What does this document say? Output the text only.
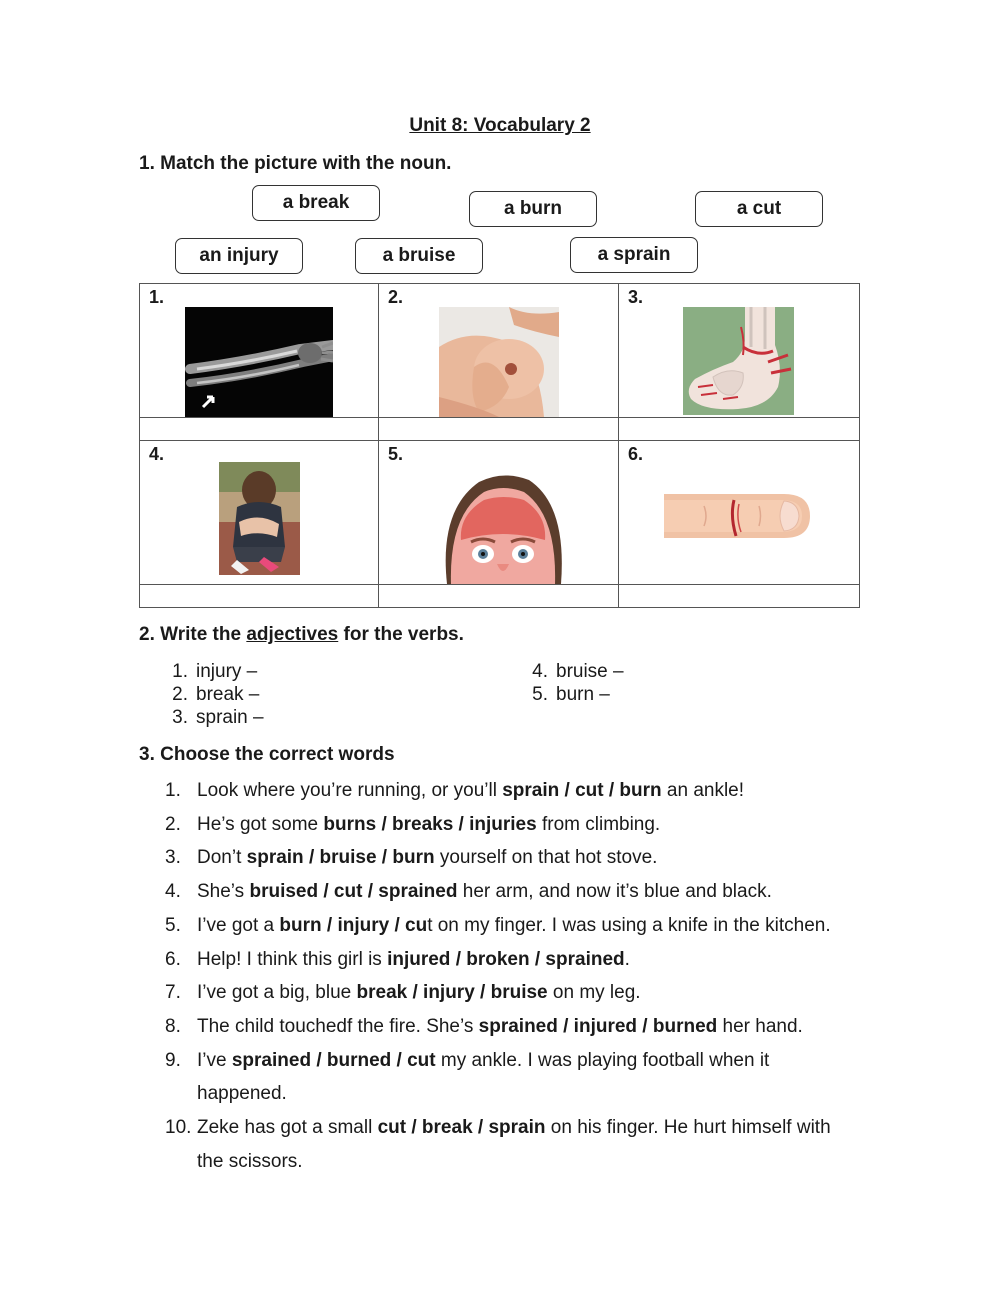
Unit 8: Vocabulary 2
1. Match the picture with the noun.
a break	a burn	a cut
an injury	a bruise	a sprain
1.	2.	3.

4.	5.	6.

2. Write the adjectives for the verbs.
1. injury –
2. break –
3. sprain –
4. bruise –
5. burn –
3. Choose the correct words
1. Look where you’re running, or you’ll sprain / cut / burn an ankle!
2. He’s got some burns / breaks / injuries from climbing.
3. Don’t sprain / bruise / burn yourself on that hot stove.
4. She’s bruised / cut / sprained her arm, and now it’s blue and black.
5. I’ve got a burn / injury / cut on my finger. I was using a knife in the kitchen.
6. Help! I think this girl is injured / broken / sprained.
7. I’ve got a big, blue break / injury / bruise on my leg.
8. The child touchedf the fire. She’s sprained / injured / burned her hand.
9. I’ve sprained / burned / cut my ankle. I was playing football when it happened.
10. Zeke has got a small cut / break / sprain on his finger. He hurt himself with the scissors.
